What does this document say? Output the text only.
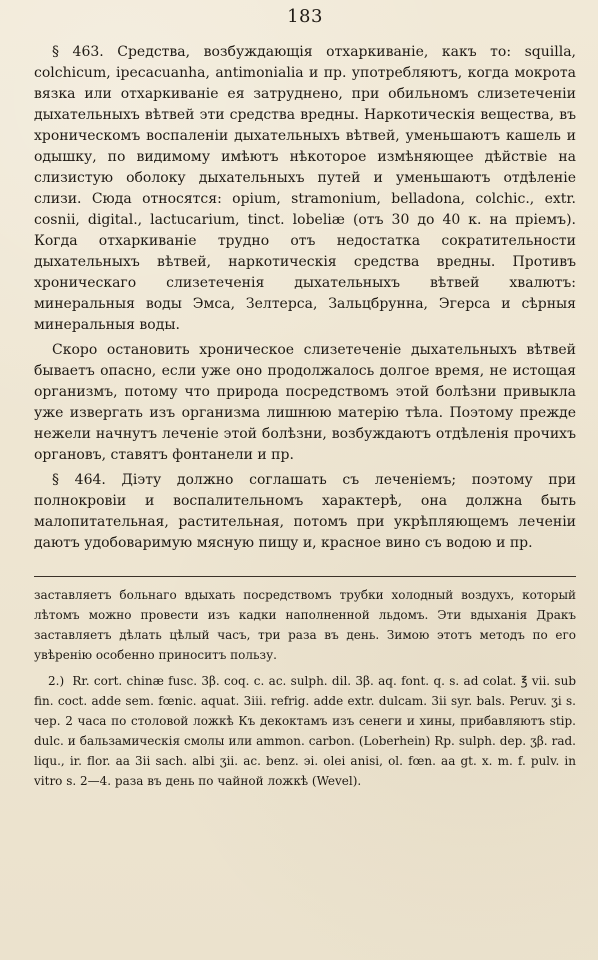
183

§ 463. Средства, возбуждающія отхаркиваніе, какъ то: squilla, colchicum, ipecacuanha, antimonialia и пр. употребляютъ, когда мокрота вязка или отхаркиваніе ея затруднено, при обильномъ слизетеченіи дыхательныхъ вѣтвей эти средства вредны. Наркотическія вещества, въ хроническомъ воспаленіи дыхательныхъ вѣтвей, уменьшаютъ кашель и одышку, по видимому имѣютъ нѣкоторое измѣняющее дѣйствіе на слизистую оболоку дыхательныхъ путей и уменьшаютъ отдѣленіе слизи. Сюда относятся: opium, stramonium, belladona, colchic., extr. cosnii, digital., lactucarium, tinct. lobeliæ (отъ 30 до 40 к. на пріемъ). Когда отхаркиваніе трудно отъ недостатка сократительности дыхательныхъ вѣтвей, наркотическія средства вредны. Противъ хроническаго слизетеченія дыхательныхъ вѣтвей хвалютъ: минеральныя воды Эмса, Зелтерса, Зальцбрунна, Эгерса и сѣрныя минеральныя воды.

Скоро остановить хроническое слизетеченіе дыхательныхъ вѣтвей бываетъ опасно, если уже оно продолжалось долгое время, не истощая организмъ, потому что природа посредствомъ этой болѣзни привыкла уже извергать изъ организма лишнюю матерію тѣла. Поэтому прежде нежели начнутъ леченіе этой болѣзни, возбуждаютъ отдѣленія прочихъ органовъ, ставятъ фонтанели и пр.

§ 464. Діэту должно соглашать съ леченіемъ; поэтому при полнокровіи и воспалительномъ характерѣ, она должна быть малопитательная, растительная, потомъ при укрѣпляющемъ леченіи даютъ удобоваримую мясную пищу и, красное вино съ водою и пр.

заставляетъ больнаго вдыхать посредствомъ трубки холодный воздухъ, который лѣтомъ можно провести изъ кадки наполненной льдомъ. Эти вдыханія Дракъ заставляетъ дѣлать цѣлый часъ, три раза въ день. Зимою этотъ методъ по его увѣренію особенно приноситъ пользу.

2.) Rr. cort. chinæ fusc. 3β. coq. c. ac. sulph. dil. 3β. aq. font. q. s. ad colat. ℥ vii. sub fin. coct. adde sem. fœnic. aquat. 3iii. refrig. adde extr. dulcam. 3ii syr. bals. Peruv. ʒi s. чер. 2 часа по столовой ложкѣ Къ декоктамъ изъ сенеги и хины, прибавляютъ stip. dulc. и бальзамическія смолы или ammon. carbon. (Loberhein) Rp. sulph. dep. ʒβ. rad. liqu., ir. flor. aa 3ii sach. albi ʒii. ac. benz. ϶i. olei anisi, ol. fœn. aa gt. x. m. f. pulv. in vitro s. 2—4. раза въ день по чайной ложкѣ (Wevel).
